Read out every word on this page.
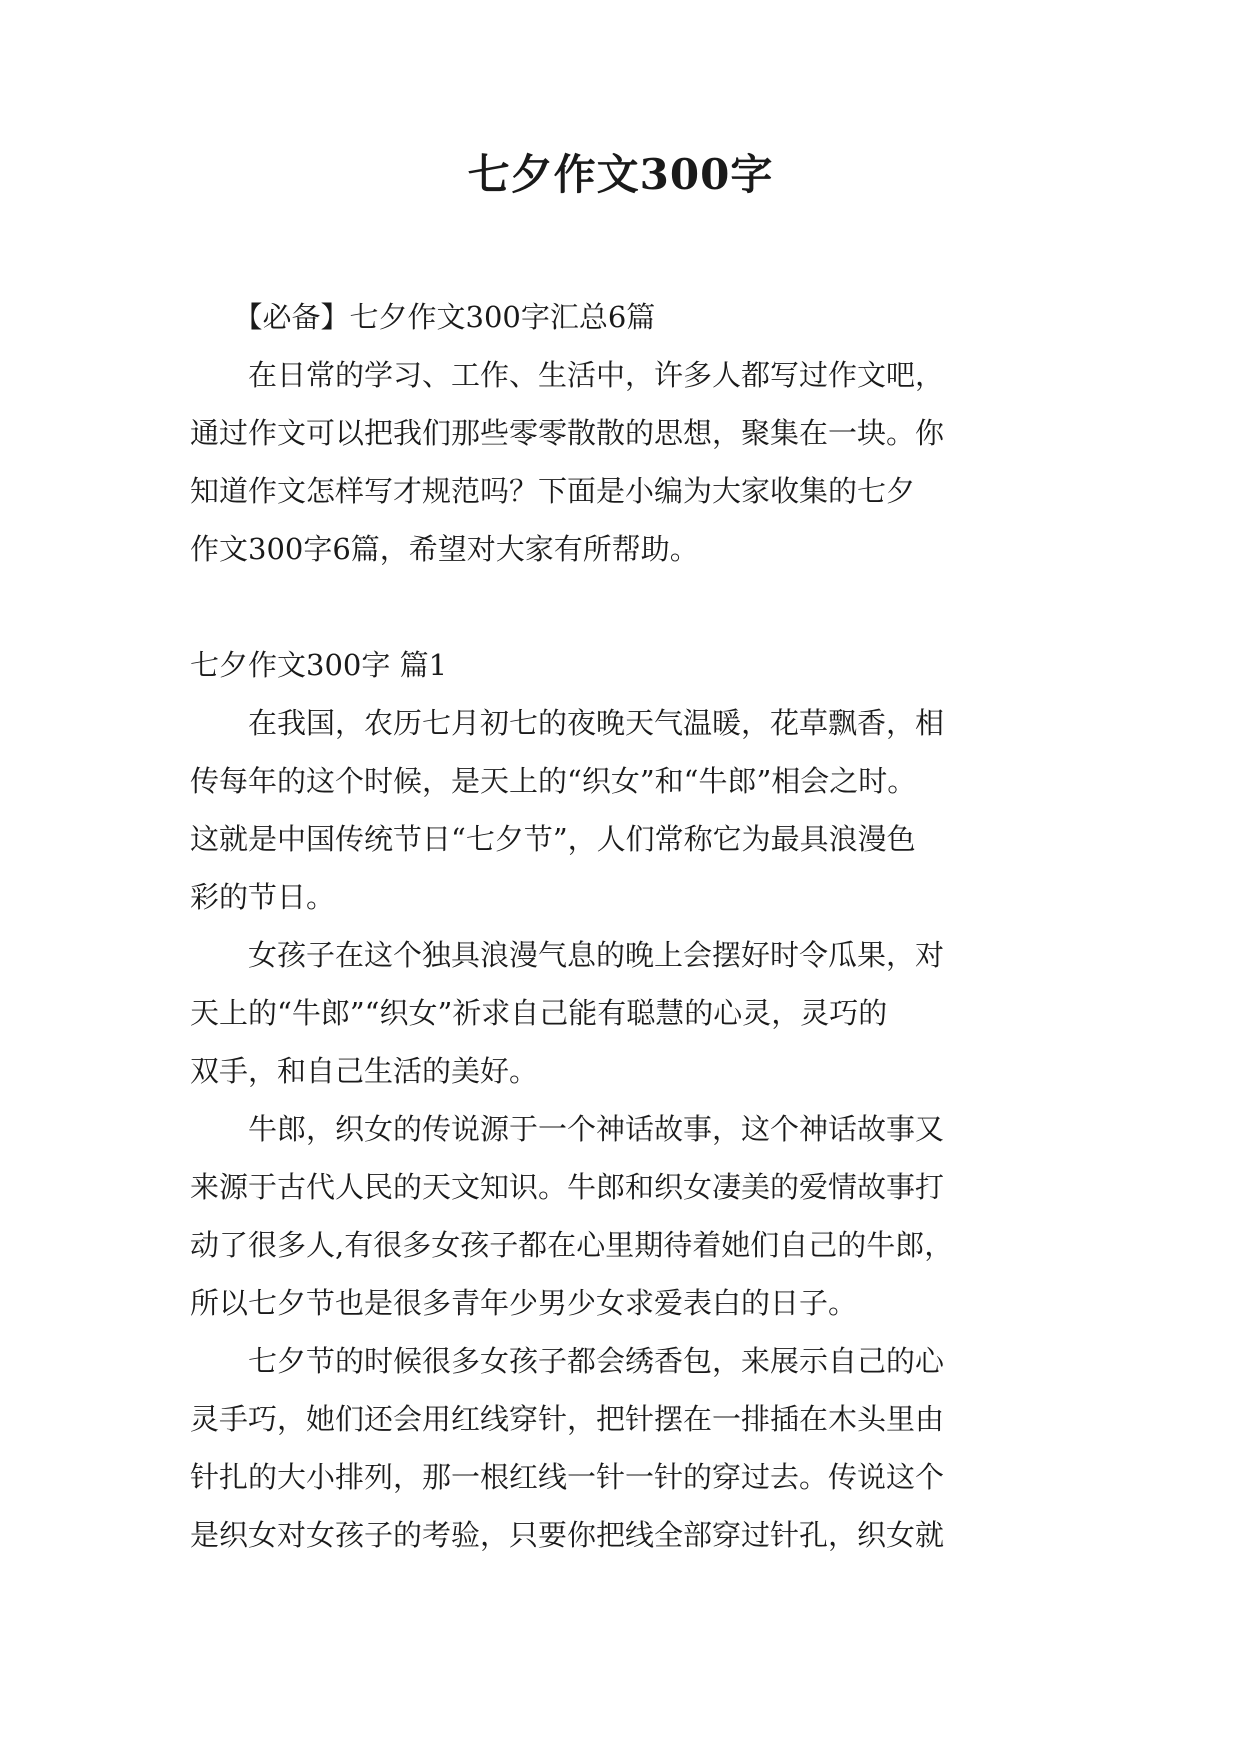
七夕作文300字
　　【必备】七夕作文300字汇总6篇
　　在日常的学习、工作、生活中，许多人都写过作文吧，
通过作文可以把我们那些零零散散的思想，聚集在一块。你
知道作文怎样写才规范吗？下面是小编为大家收集的七夕
作文300字6篇，希望对大家有所帮助。
七夕作文300字 篇1
　　在我国，农历七月初七的夜晚天气温暖，花草飘香，相
传每年的这个时候，是天上的“织女”和“牛郎”相会之时。
这就是中国传统节日“七夕节”，人们常称它为最具浪漫色
彩的节日。
　　女孩子在这个独具浪漫气息的晚上会摆好时令瓜果，对
天上的“牛郎”“织女”祈求自己能有聪慧的心灵，灵巧的
双手，和自己生活的美好。
　　牛郎，织女的传说源于一个神话故事，这个神话故事又
来源于古代人民的天文知识。牛郎和织女凄美的爱情故事打
动了很多人,有很多女孩子都在心里期待着她们自己的牛郎，
所以七夕节也是很多青年少男少女求爱表白的日子。
　　七夕节的时候很多女孩子都会绣香包，来展示自己的心
灵手巧，她们还会用红线穿针，把针摆在一排插在木头里由
针扎的大小排列，那一根红线一针一针的穿过去。传说这个
是织女对女孩子的考验，只要你把线全部穿过针孔，织女就
